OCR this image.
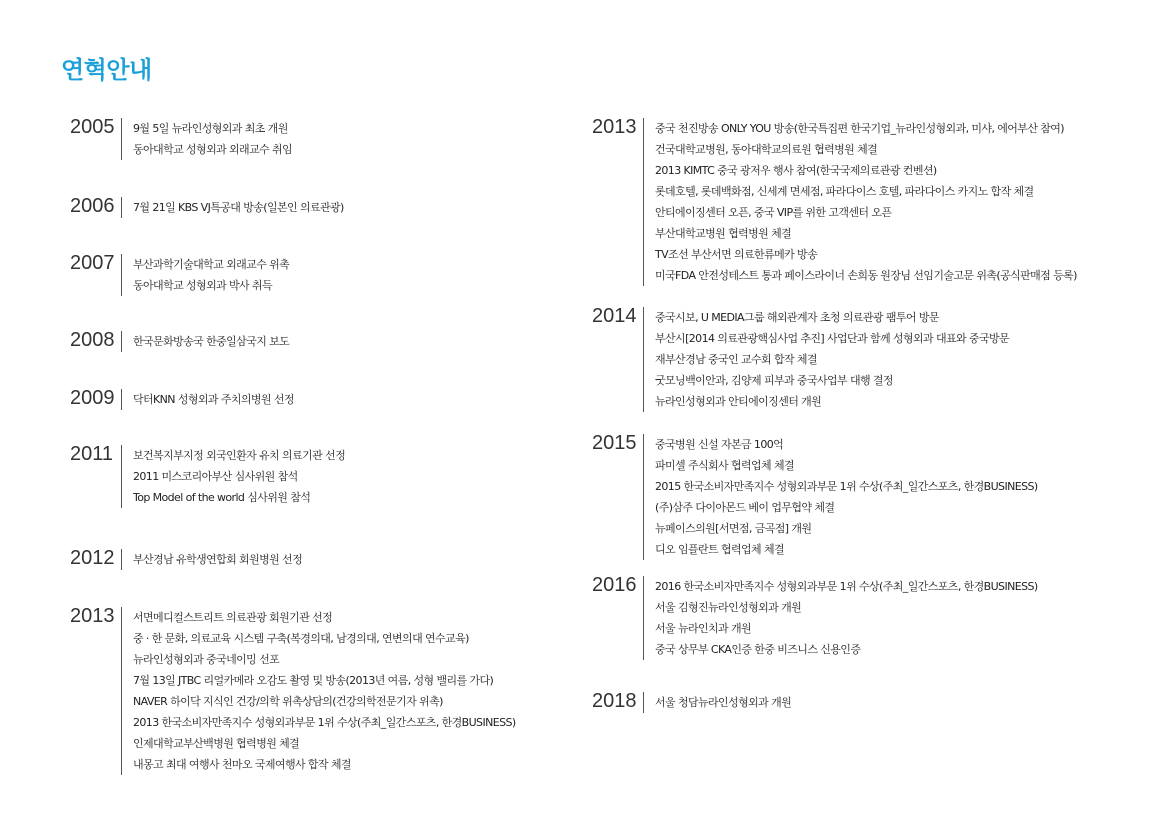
연혁안내
2005	9월 5일 뉴라인성형외과 최초 개원
동아대학교 성형외과 외래교수 취임
2006	7월 21일 KBS VJ특공대 방송(일본인 의료관광)
2007	부산과학기술대학교 외래교수 위촉
동아대학교 성형외과 박사 취득
2008	한국문화방송국 한중일삼국지 보도
2009	닥터KNN 성형외과 주치의병원 선정
2011	보건복지부지정 외국인환자 유치 의료기관 선정
2011 미스코리아부산 심사위원 참석
Top Model of the world 심사위원 참석
2012	부산경남 유학생연합회 회원병원 선정
2013	서면메디컬스트리트 의료관광 회원기관 선정
중 · 한 문화, 의료교육 시스템 구축(복경의대, 남경의대, 연변의대 연수교육)
뉴라인성형외과 중국네이밍 선포
7월 13일 JTBC 리얼카메라 오감도 촬영 및 방송(2013년 여름, 성형 밸리를 가다)
NAVER 하이닥 지식인 건강/의학 위촉상담의(건강의학전문기자 위촉)
2013 한국소비자만족지수 성형외과부문 1위 수상(주최_일간스포츠, 한경BUSINESS)
인제대학교부산백병원 협력병원 체결
내몽고 최대 여행사 천마오 국제여행사 합작 체결
2013	중국 천진방송 ONLY YOU 방송(한국특집편 한국기업_뉴라인성형외과, 미샤, 에어부산 참여)
건국대학교병원, 동아대학교의료원 협력병원 체결
2013 KIMTC 중국 광저우 행사 참여(한국국제의료관광 컨벤션)
롯데호텔, 롯데백화점, 신세계 면세점, 파라다이스 호텔, 파라다이스 카지노 합작 체결
안티에이징센터 오픈, 중국 VIP를 위한 고객센터 오픈
부산대학교병원 협력병원 체결
TV조선 부산서면 의료한류메카 방송
미국FDA 안전성테스트 통과 페이스라이너 손희동 원장님 선임기술고문 위촉(공식판매점 등록)
2014	중국시보, U MEDIA그룹 해외관계자 초청 의료관광 팸투어 방문
부산시[2014 의료관광핵심사업 추진] 사업단과 함께 성형외과 대표와 중국방문
재부산경남 중국인 교수회 합작 체결
굿모닝백이안과, 김양제 피부과 중국사업부 대행 결정
뉴라인성형외과 안티에이징센터 개원
2015	중국병원 신설 자본금 100억
파미셀 주식회사 협력업체 체결
2015 한국소비자만족지수 성형외과부문 1위 수상(주최_일간스포츠, 한경BUSINESS)
(주)삼주 다이아몬드 베이 업무협약 체결
뉴페이스의원[서면점, 금곡점] 개원
디오 임플란트 협력업체 체결
2016	2016 한국소비자만족지수 성형외과부문 1위 수상(주최_일간스포츠, 한경BUSINESS)
서울 김형진뉴라인성형외과 개원
서울 뉴라인치과 개원
중국 상무부 CKA인증 한중 비즈니스 신용인증
2018	서울 청담뉴라인성형외과 개원
